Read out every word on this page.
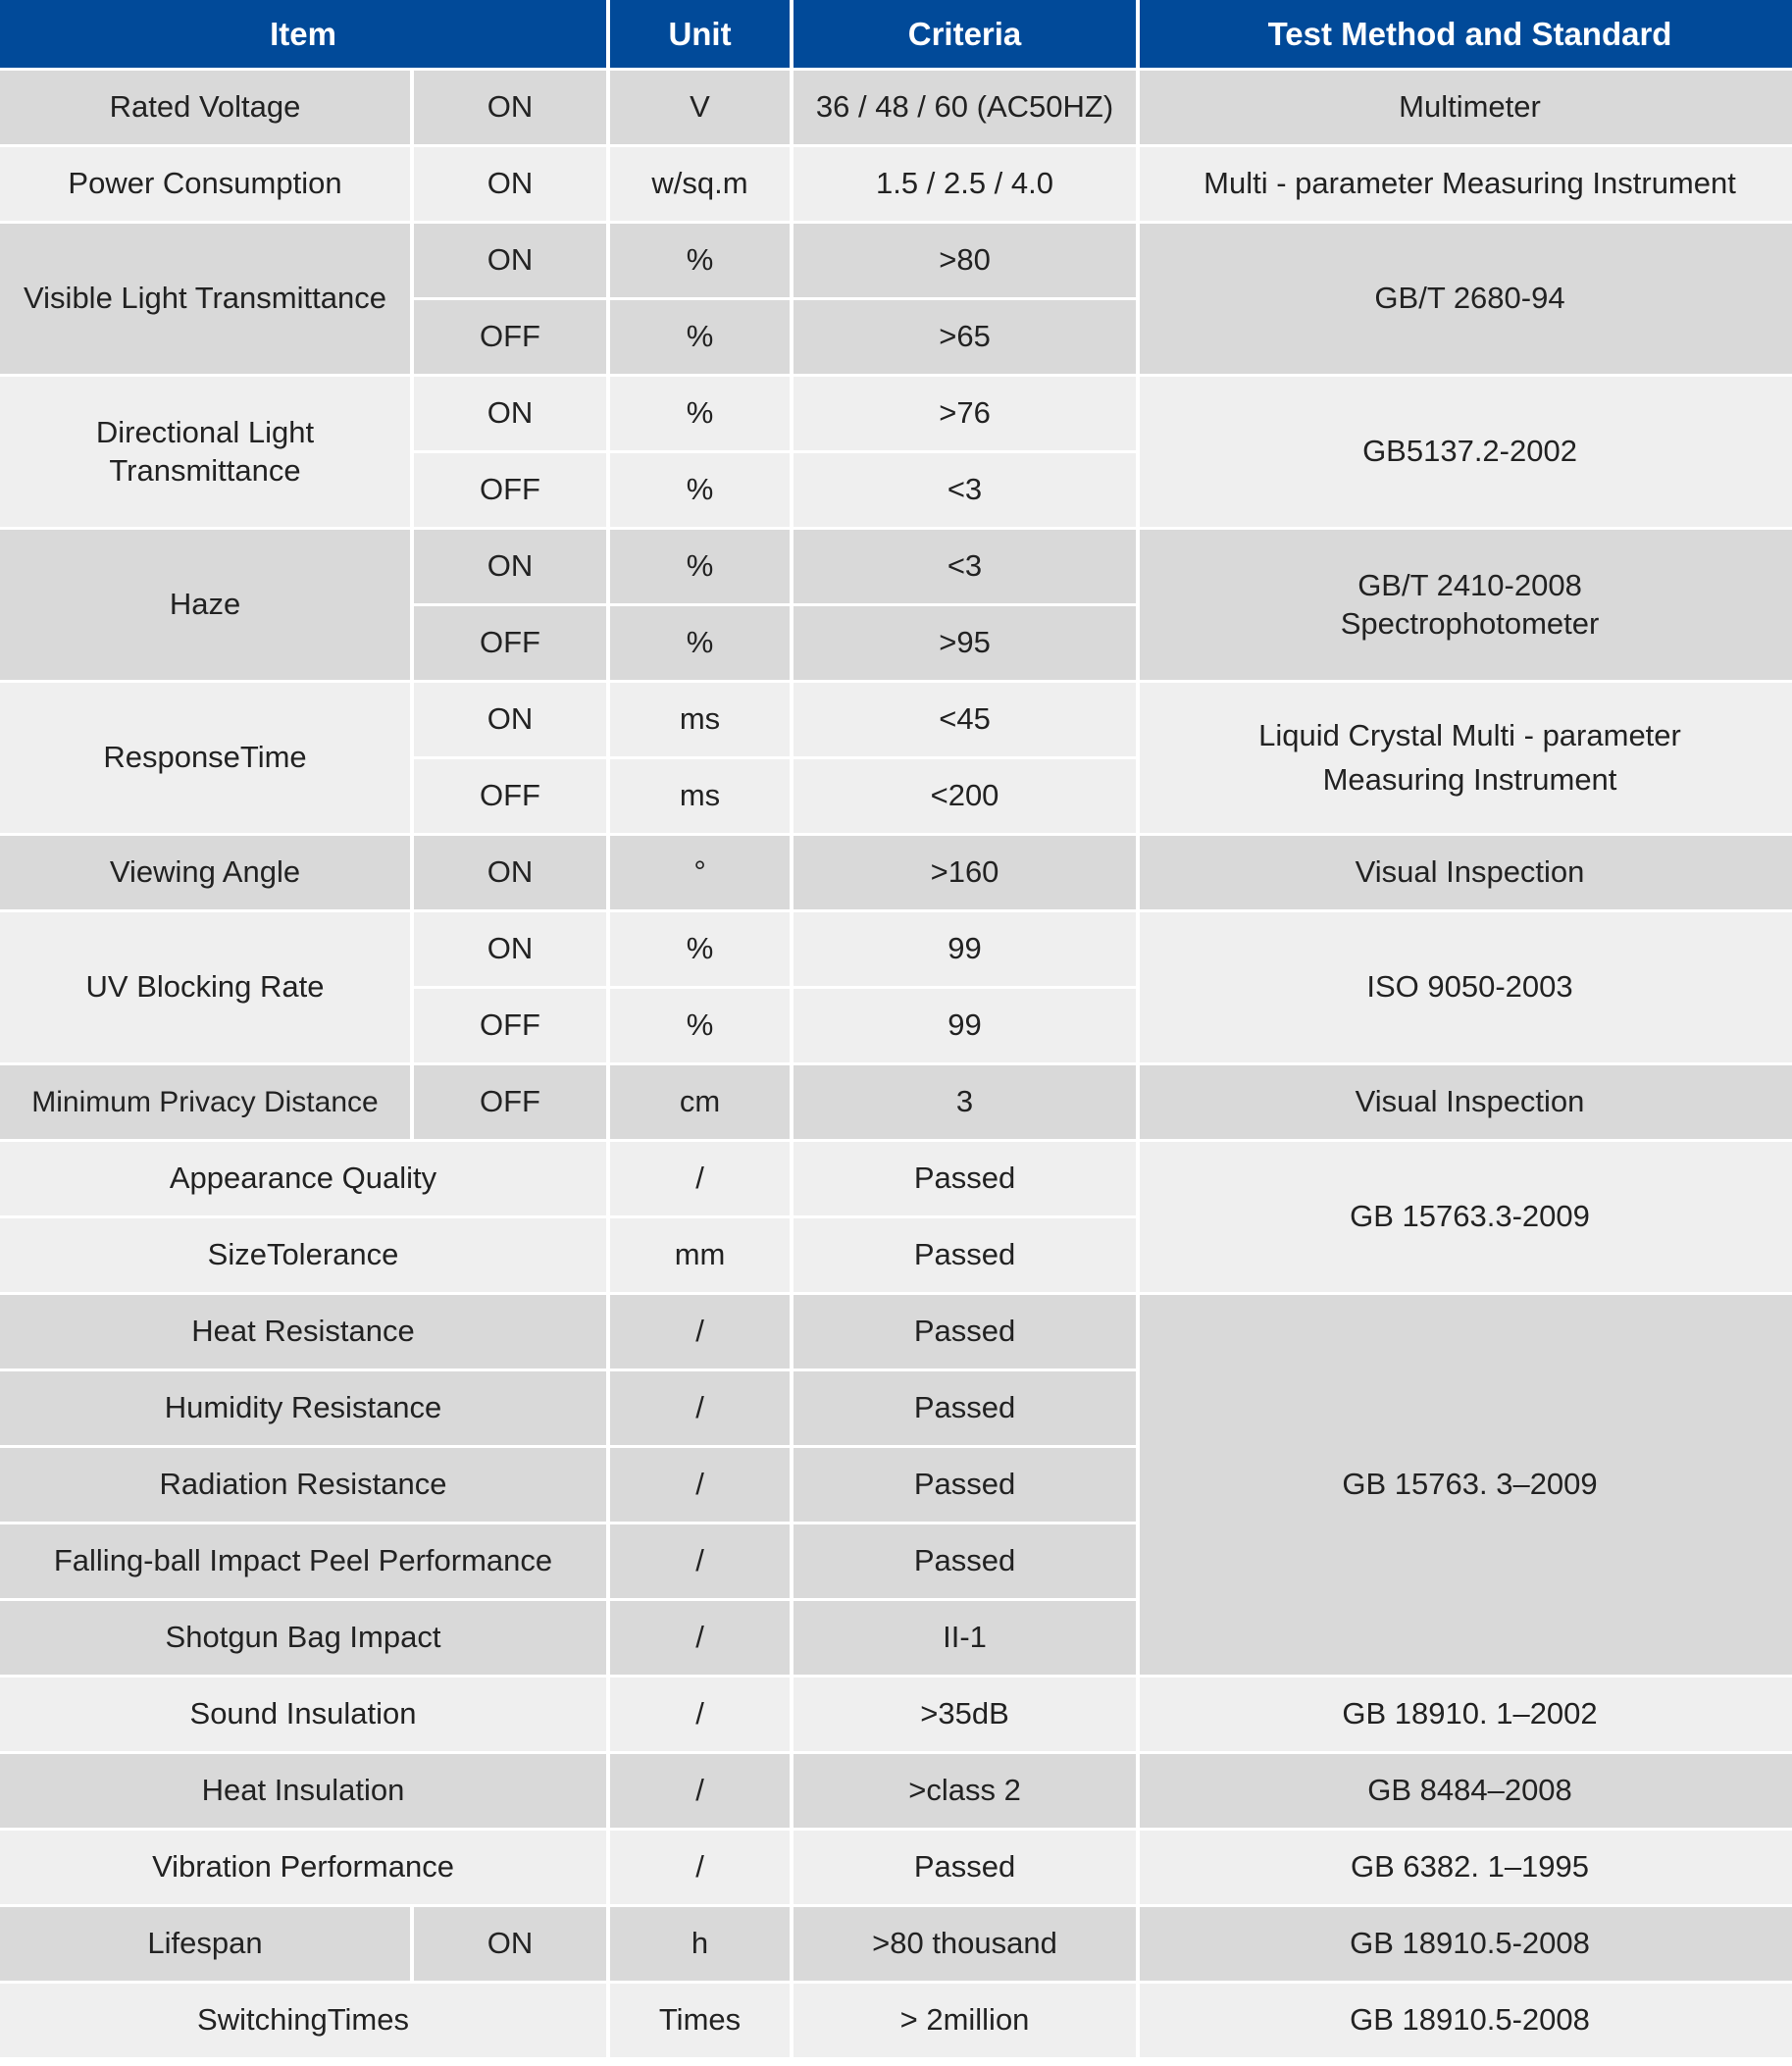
Item		Unit	Criteria	Test Method and Standard
Rated Voltage	ON	V	36 / 48 / 60 (AC50HZ)	Multimeter
Power Consumption	ON	w/sq.m	1.5 / 2.5 / 4.0	Multi - parameter Measuring Instrument
Visible Light Transmittance	ON	%	>80	GB/T 2680-94
	OFF	%	>65	
Directional Light Transmittance	ON	%	>76	GB5137.2-2002
	OFF	%	<3	
Haze	ON	%	<3	GB/T 2410-2008 Spectrophotometer
	OFF	%	>95	
ResponseTime	ON	ms	<45	Liquid Crystal Multi - parameter Measuring Instrument
	OFF	ms	<200	
Viewing Angle	ON	°	>160	Visual Inspection
UV Blocking Rate	ON	%	99	ISO 9050-2003
	OFF	%	99	
Minimum Privacy Distance	OFF	cm	3	Visual Inspection
Appearance Quality		/	Passed	GB 15763.3-2009
SizeTolerance		mm	Passed	
Heat Resistance		/	Passed	GB 15763. 3–2009
Humidity Resistance		/	Passed	
Radiation Resistance		/	Passed	
Falling-ball Impact Peel Performance		/	Passed	
Shotgun Bag Impact		/	II-1	
Sound Insulation		/	>35dB	GB 18910. 1–2002
Heat Insulation		/	>class 2	GB 8484–2008
Vibration Performance		/	Passed	GB 6382. 1–1995
Lifespan	ON	h	>80 thousand	GB 18910.5-2008
SwitchingTimes		Times	> 2million	GB 18910.5-2008
